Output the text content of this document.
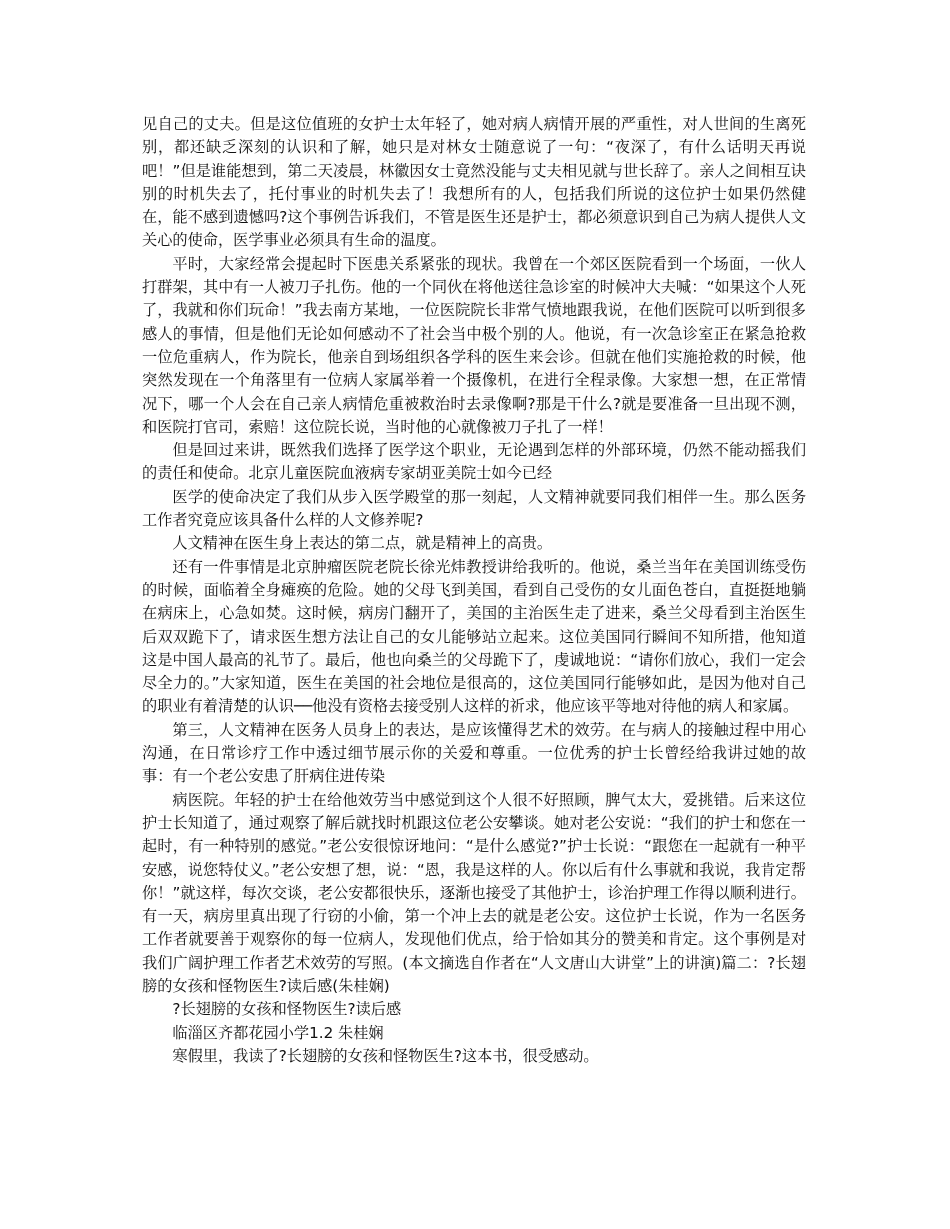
见自己的丈夫。但是这位值班的女护士太年轻了，她对病人病情开展的严重性，对人世间的生离死别，都还缺乏深刻的认识和了解，她只是对林女士随意说了一句：“夜深了，有什么话明天再说吧！”但是谁能想到，第二天凌晨，林徽因女士竟然没能与丈夫相见就与世长辞了。亲人之间相互诀别的时机失去了，托付事业的时机失去了！我想所有的人，包括我们所说的这位护士如果仍然健在，能不感到遗憾吗?这个事例告诉我们，不管是医生还是护士，都必须意识到自己为病人提供人文关心的使命，医学事业必须具有生命的温度。

平时，大家经常会提起时下医患关系紧张的现状。我曾在一个郊区医院看到一个场面，一伙人打群架，其中有一人被刀子扎伤。他的一个同伙在将他送往急诊室的时候冲大夫喊：“如果这个人死了，我就和你们玩命！”我去南方某地，一位医院院长非常气愤地跟我说，在他们医院可以听到很多感人的事情，但是他们无论如何感动不了社会当中极个别的人。他说，有一次急诊室正在紧急抢救一位危重病人，作为院长，他亲自到场组织各学科的医生来会诊。但就在他们实施抢救的时候，他突然发现在一个角落里有一位病人家属举着一个摄像机，在进行全程录像。大家想一想，在正常情况下，哪一个人会在自己亲人病情危重被救治时去录像啊?那是干什么?就是要准备一旦出现不测，和医院打官司，索赔！这位院长说，当时他的心就像被刀子扎了一样！

但是回过来讲，既然我们选择了医学这个职业，无论遇到怎样的外部环境，仍然不能动摇我们的责任和使命。北京儿童医院血液病专家胡亚美院士如今已经

医学的使命决定了我们从步入医学殿堂的那一刻起，人文精神就要同我们相伴一生。那么医务工作者究竟应该具备什么样的人文修养呢?

人文精神在医生身上表达的第二点，就是精神上的高贵。

还有一件事情是北京肿瘤医院老院长徐光炜教授讲给我听的。他说，桑兰当年在美国训练受伤的时候，面临着全身瘫痪的危险。她的父母飞到美国，看到自己受伤的女儿面色苍白，直挺挺地躺在病床上，心急如焚。这时候，病房门翻开了，美国的主治医生走了进来，桑兰父母看到主治医生后双双跪下了，请求医生想方法让自己的女儿能够站立起来。这位美国同行瞬间不知所措，他知道这是中国人最高的礼节了。最后，他也向桑兰的父母跪下了，虔诚地说：“请你们放心，我们一定会尽全力的。”大家知道，医生在美国的社会地位是很高的，这位美国同行能够如此，是因为他对自己的职业有着清楚的认识──他没有资格去接受别人这样的祈求，他应该平等地对待他的病人和家属。

第三，人文精神在医务人员身上的表达，是应该懂得艺术的效劳。在与病人的接触过程中用心沟通，在日常诊疗工作中透过细节展示你的关爱和尊重。一位优秀的护士长曾经给我讲过她的故事：有一个老公安患了肝病住进传染

病医院。年轻的护士在给他效劳当中感觉到这个人很不好照顾，脾气太大，爱挑错。后来这位护士长知道了，通过观察了解后就找时机跟这位老公安攀谈。她对老公安说：“我们的护士和您在一起时，有一种特别的感觉。”老公安很惊讶地问：“是什么感觉?”护士长说：“跟您在一起就有一种平安感，说您特仗义。”老公安想了想，说：“恩，我是这样的人。你以后有什么事就和我说，我肯定帮你！”就这样，每次交谈，老公安都很快乐，逐渐也接受了其他护士，诊治护理工作得以顺利进行。有一天，病房里真出现了行窃的小偷，第一个冲上去的就是老公安。这位护士长说，作为一名医务工作者就要善于观察你的每一位病人，发现他们优点，给于恰如其分的赞美和肯定。这个事例是对我们广阔护理工作者艺术效劳的写照。(本文摘选自作者在“人文唐山大讲堂”上的讲演)篇二：?长翅膀的女孩和怪物医生?读后感(朱桂娴)

?长翅膀的女孩和怪物医生?读后感

临淄区齐都花园小学1.2 朱桂娴

寒假里，我读了?长翅膀的女孩和怪物医生?这本书，很受感动。
